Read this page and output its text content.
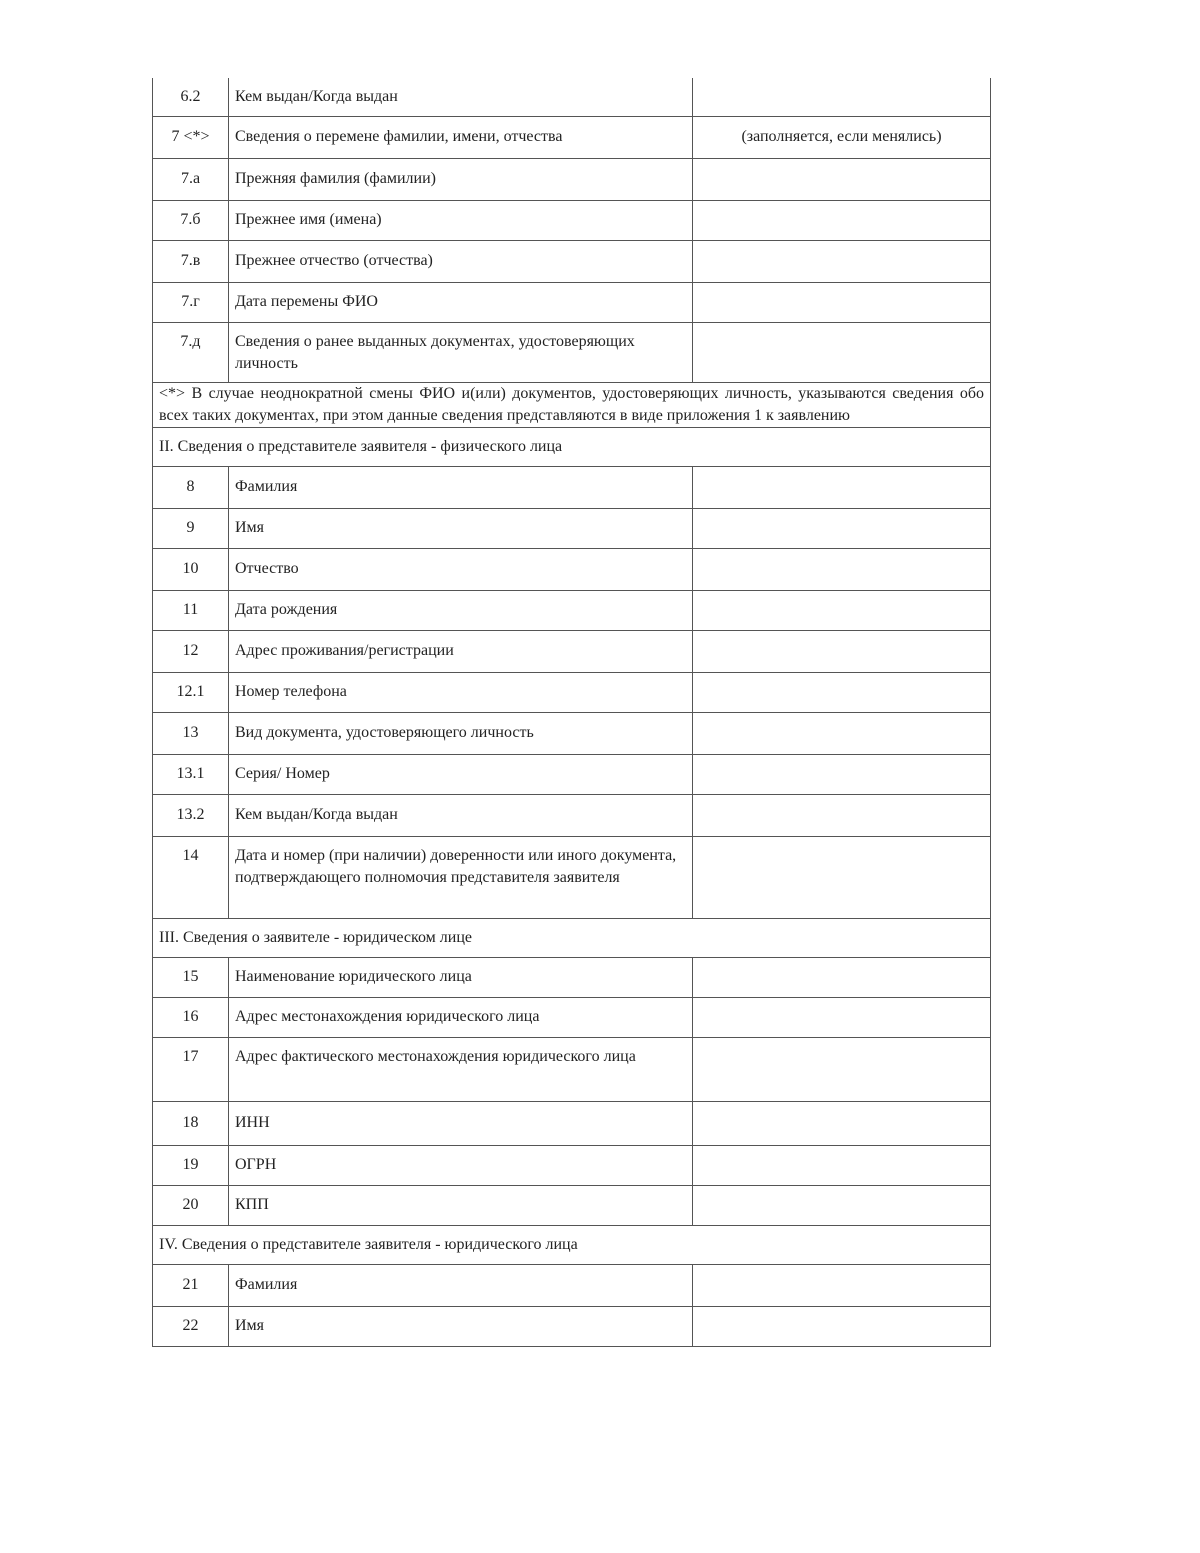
6.2	Кем выдан/Когда выдан	
7 <*>	Сведения о перемене фамилии, имени, отчества	(заполняется, если менялись)
7.а	Прежняя фамилия (фамилии)	
7.б	Прежнее имя (имена)	
7.в	Прежнее отчество (отчества)	
7.г	Дата перемены ФИО	
7.д	Сведения о ранее выданных документах, удостоверяющих личность	
<*> В случае неоднократной смены ФИО и(или) документов, удостоверяющих личность, указываются сведения обо всех таких документах, при этом данные сведения представляются в виде приложения 1 к заявлению		
II. Сведения о представителе заявителя - физического лица		
8	Фамилия	
9	Имя	
10	Отчество	
11	Дата рождения	
12	Адрес проживания/регистрации	
12.1	Номер телефона	
13	Вид документа, удостоверяющего личность	
13.1	Серия/ Номер	
13.2	Кем выдан/Когда выдан	
14	Дата и номер (при наличии) доверенности или иного документа, подтверждающего полномочия представителя заявителя	
III. Сведения о заявителе - юридическом лице		
15	Наименование юридического лица	
16	Адрес местонахождения юридического лица	
17	Адрес фактического местонахождения юридического лица	
18	ИНН	
19	ОГРН	
20	КПП	
IV. Сведения о представителе заявителя - юридического лица		
21	Фамилия	
22	Имя	
